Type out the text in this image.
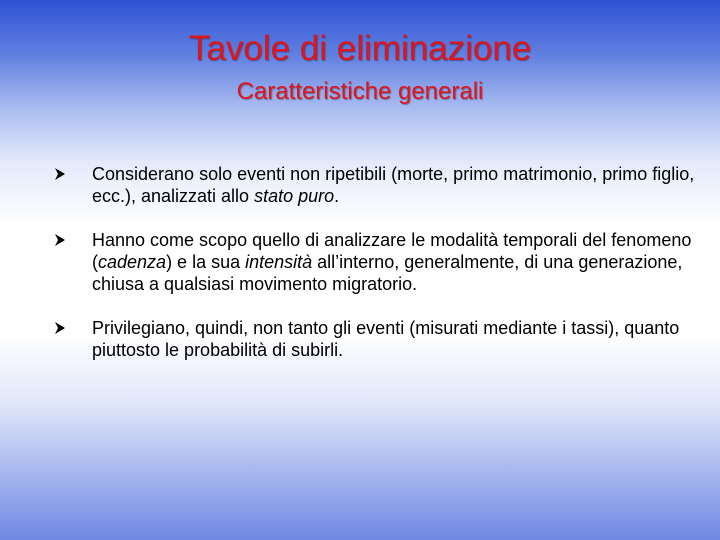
Tavole di eliminazione
Caratteristiche generali
Considerano solo eventi non ripetibili (morte, primo matrimonio, primo figlio, ecc.), analizzati allo stato puro.
Hanno come scopo quello di analizzare le modalità temporali del fenomeno (cadenza) e la sua intensità all’interno, generalmente, di una generazione, chiusa a qualsiasi movimento migratorio.
Privilegiano, quindi, non tanto gli eventi (misurati mediante i tassi), quanto piuttosto le probabilità di subirli.
